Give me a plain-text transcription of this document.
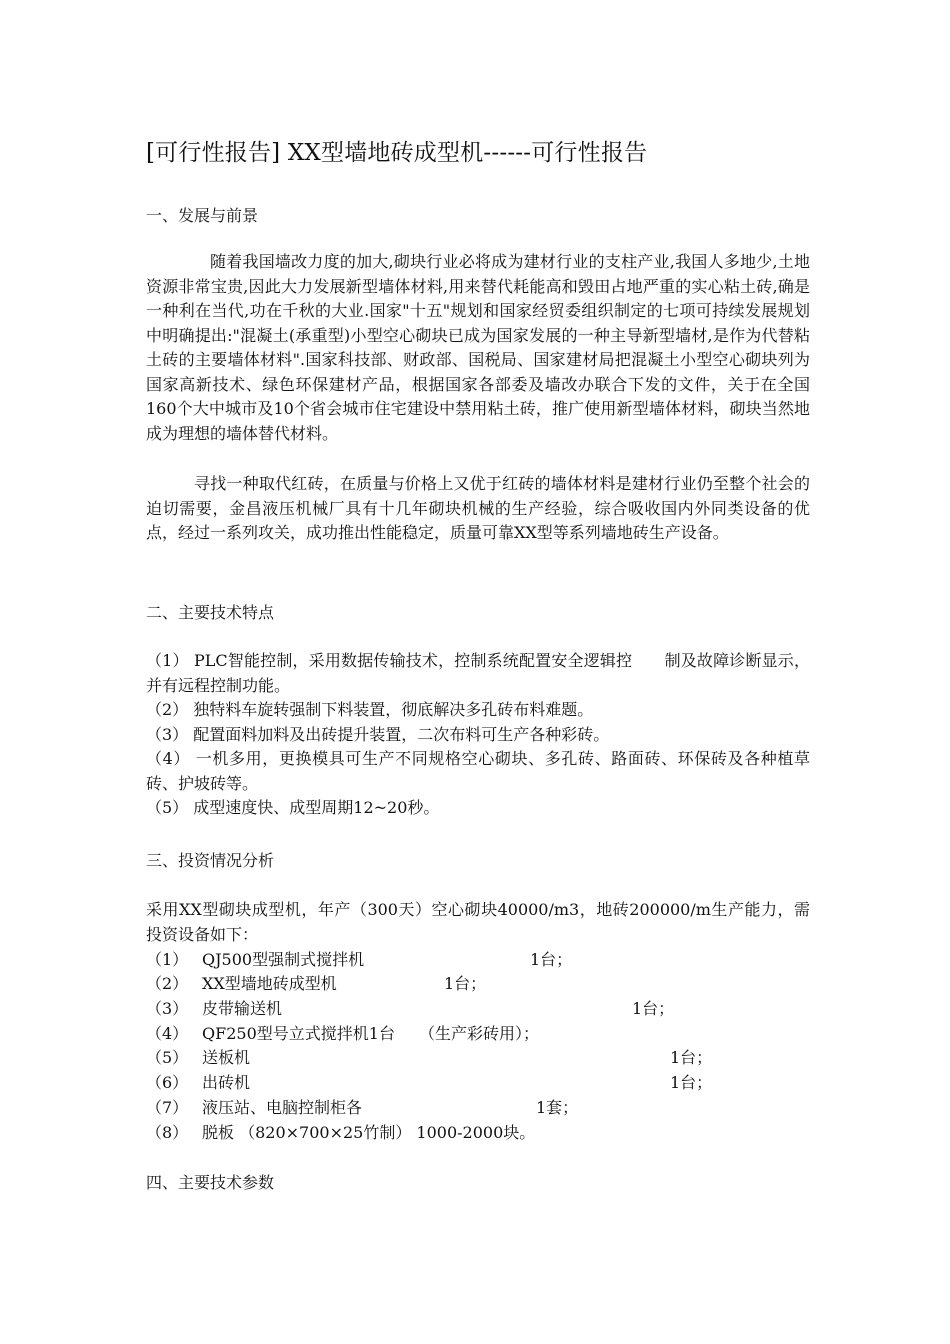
[可行性报告] XX型墙地砖成型机------可行性报告
一、发展与前景

随着我国墙改力度的加大,砌块行业必将成为建材行业的支柱产业,我国人多地少,土地资源非常宝贵,因此大力发展新型墙体材料,用来替代耗能高和毁田占地严重的实心粘土砖,确是一种利在当代,功在千秋的大业.国家"十五"规划和国家经贸委组织制定的七项可持续发展规划中明确提出:"混凝土(承重型)小型空心砌块已成为国家发展的一种主导新型墙材,是作为代替粘土砖的主要墙体材料".国家科技部、财政部、国税局、国家建材局把混凝土小型空心砌块列为国家高新技术、绿色环保建材产品，根据国家各部委及墙改办联合下发的文件，关于在全国160个大中城市及10个省会城市住宅建设中禁用粘土砖，推广使用新型墙体材料，砌块当然地成为理想的墙体替代材料。

寻找一种取代红砖，在质量与价格上又优于红砖的墙体材料是建材行业仍至整个社会的迫切需要，金昌液压机械厂具有十几年砌块机械的生产经验，综合吸收国内外同类设备的优点，经过一系列攻关，成功推出性能稳定，质量可靠XX型等系列墙地砖生产设备。

二、主要技术特点
（1） PLC智能控制，采用数据传输技术，控制系统配置安全逻辑控　　制及故障诊断显示，并有远程控制功能。
（2） 独特料车旋转强制下料装置，彻底解决多孔砖布料难题。
（3） 配置面料加料及出砖提升装置，二次布料可生产各种彩砖。
（4） 一机多用，更换模具可生产不同规格空心砌块、多孔砖、路面砖、环保砖及各种植草砖、护坡砖等。
（5） 成型速度快、成型周期12~20秒。
三、投资情况分析

采用XX型砌块成型机，年产（300天）空心砌块40000/m3，地砖200000/m生产能力，需投资设备如下：

（1） QJ500型强制式搅拌机	1台；
（2） XX型墙地砖成型机	1台；
（3） 皮带输送机	1台；
（4） QF250型号立式搅拌机1台　　（生产彩砖用）；
（5） 送板机	1台；
（6） 出砖机	1台；
（7） 液压站、电脑控制柜各	1套；
（8） 脱板 （820×700×25竹制） 1000-2000块。
四、主要技术参数
